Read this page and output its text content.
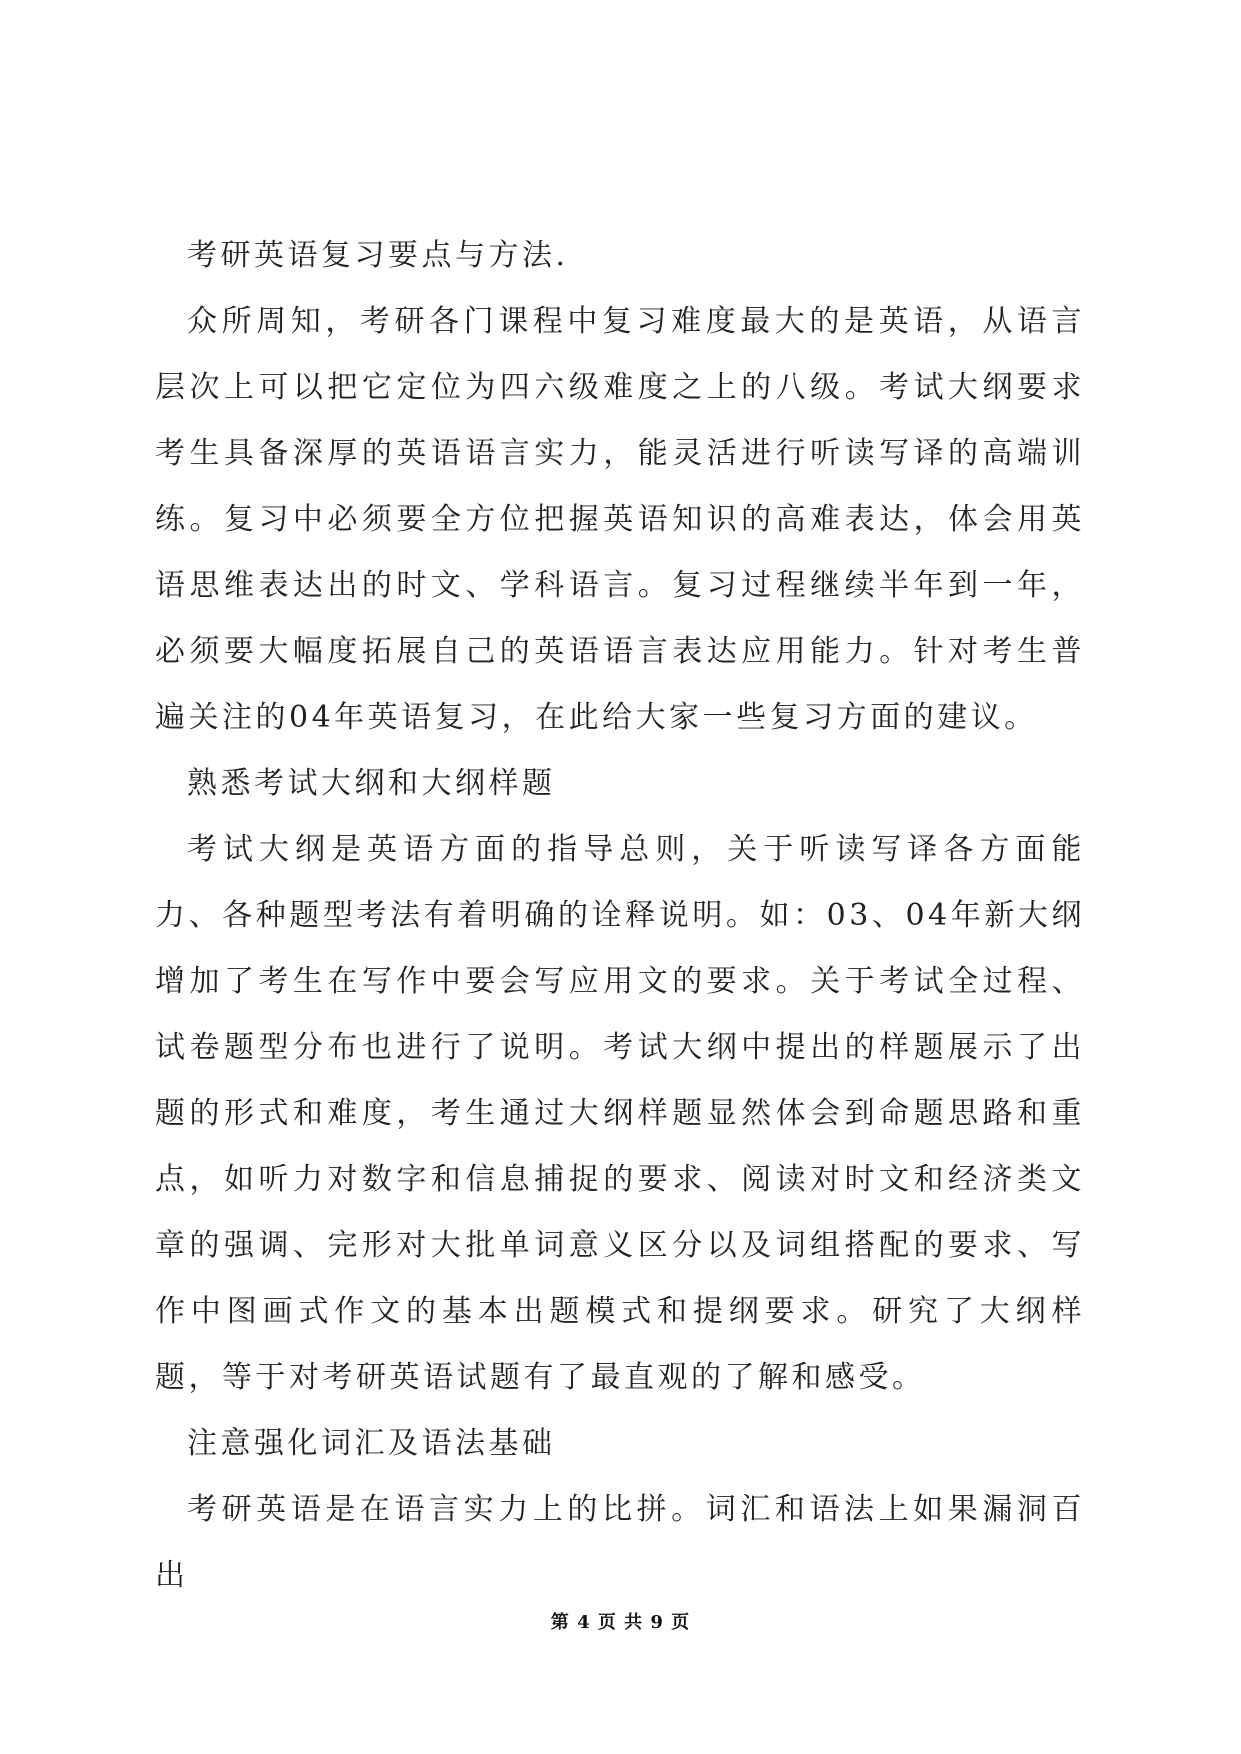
考研英语复习要点与方法.

众所周知，考研各门课程中复习难度最大的是英语，从语言层次上可以把它定位为四六级难度之上的八级。考试大纲要求考生具备深厚的英语语言实力，能灵活进行听读写译的高端训练。复习中必须要全方位把握英语知识的高难表达，体会用英语思维表达出的时文、学科语言。复习过程继续半年到一年，必须要大幅度拓展自己的英语语言表达应用能力。针对考生普遍关注的04年英语复习，在此给大家一些复习方面的建议。

熟悉考试大纲和大纲样题

考试大纲是英语方面的指导总则，关于听读写译各方面能力、各种题型考法有着明确的诠释说明。如：03、04年新大纲增加了考生在写作中要会写应用文的要求。关于考试全过程、试卷题型分布也进行了说明。考试大纲中提出的样题展示了出题的形式和难度，考生通过大纲样题显然体会到命题思路和重点，如听力对数字和信息捕捉的要求、阅读对时文和经济类文章的强调、完形对大批单词意义区分以及词组搭配的要求、写作中图画式作文的基本出题模式和提纲要求。研究了大纲样题，等于对考研英语试题有了最直观的了解和感受。

注意强化词汇及语法基础

考研英语是在语言实力上的比拼。词汇和语法上如果漏洞百出

第 4 页 共 9 页
